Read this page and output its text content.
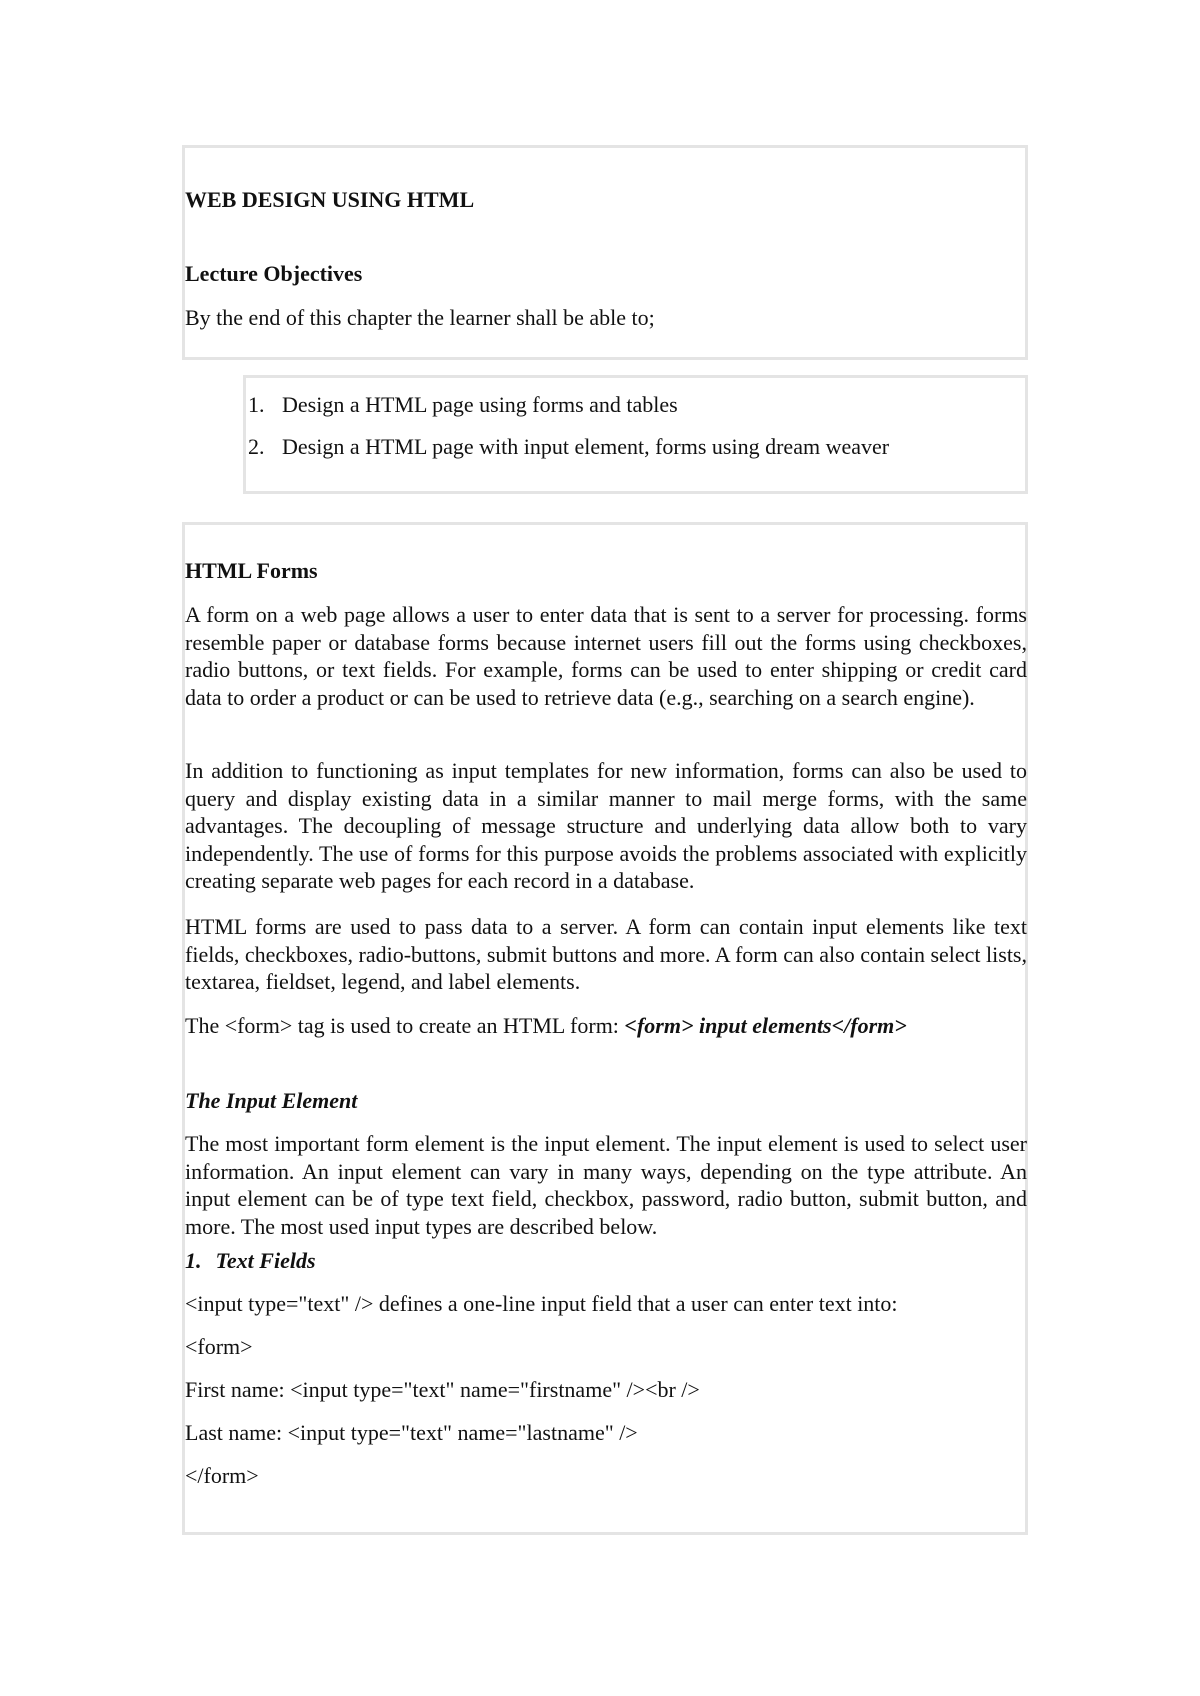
WEB DESIGN USING HTML
Lecture Objectives
By the end of this chapter the learner shall be able to;
1. Design a HTML page using forms and tables
2. Design a HTML page with input element, forms using dream weaver
HTML Forms

A form on a web page allows a user to enter data that is sent to a server for processing. forms resemble paper or database forms because internet users fill out the forms using checkboxes, radio buttons, or text fields. For example, forms can be used to enter shipping or credit card data to order a product or can be used to retrieve data (e.g., searching on a search engine).

In addition to functioning as input templates for new information, forms can also be used to query and display existing data in a similar manner to mail merge forms, with the same advantages. The decoupling of message structure and underlying data allow both to vary independently. The use of forms for this purpose avoids the problems associated with explicitly creating separate web pages for each record in a database.

HTML forms are used to pass data to a server. A form can contain input elements like text fields, checkboxes, radio-buttons, submit buttons and more. A form can also contain select lists, textarea, fieldset, legend, and label elements.

The <form> tag is used to create an HTML form: <form> input elements</form>
The Input Element

The most important form element is the input element. The input element is used to select user information. An input element can vary in many ways, depending on the type attribute. An input element can be of type text field, checkbox, password, radio button, submit button, and more. The most used input types are described below.

1. Text Fields
<input type="text" /> defines a one-line input field that a user can enter text into:
<form>
First name: <input type="text" name="firstname" /><br />
Last name: <input type="text" name="lastname" />
</form>
